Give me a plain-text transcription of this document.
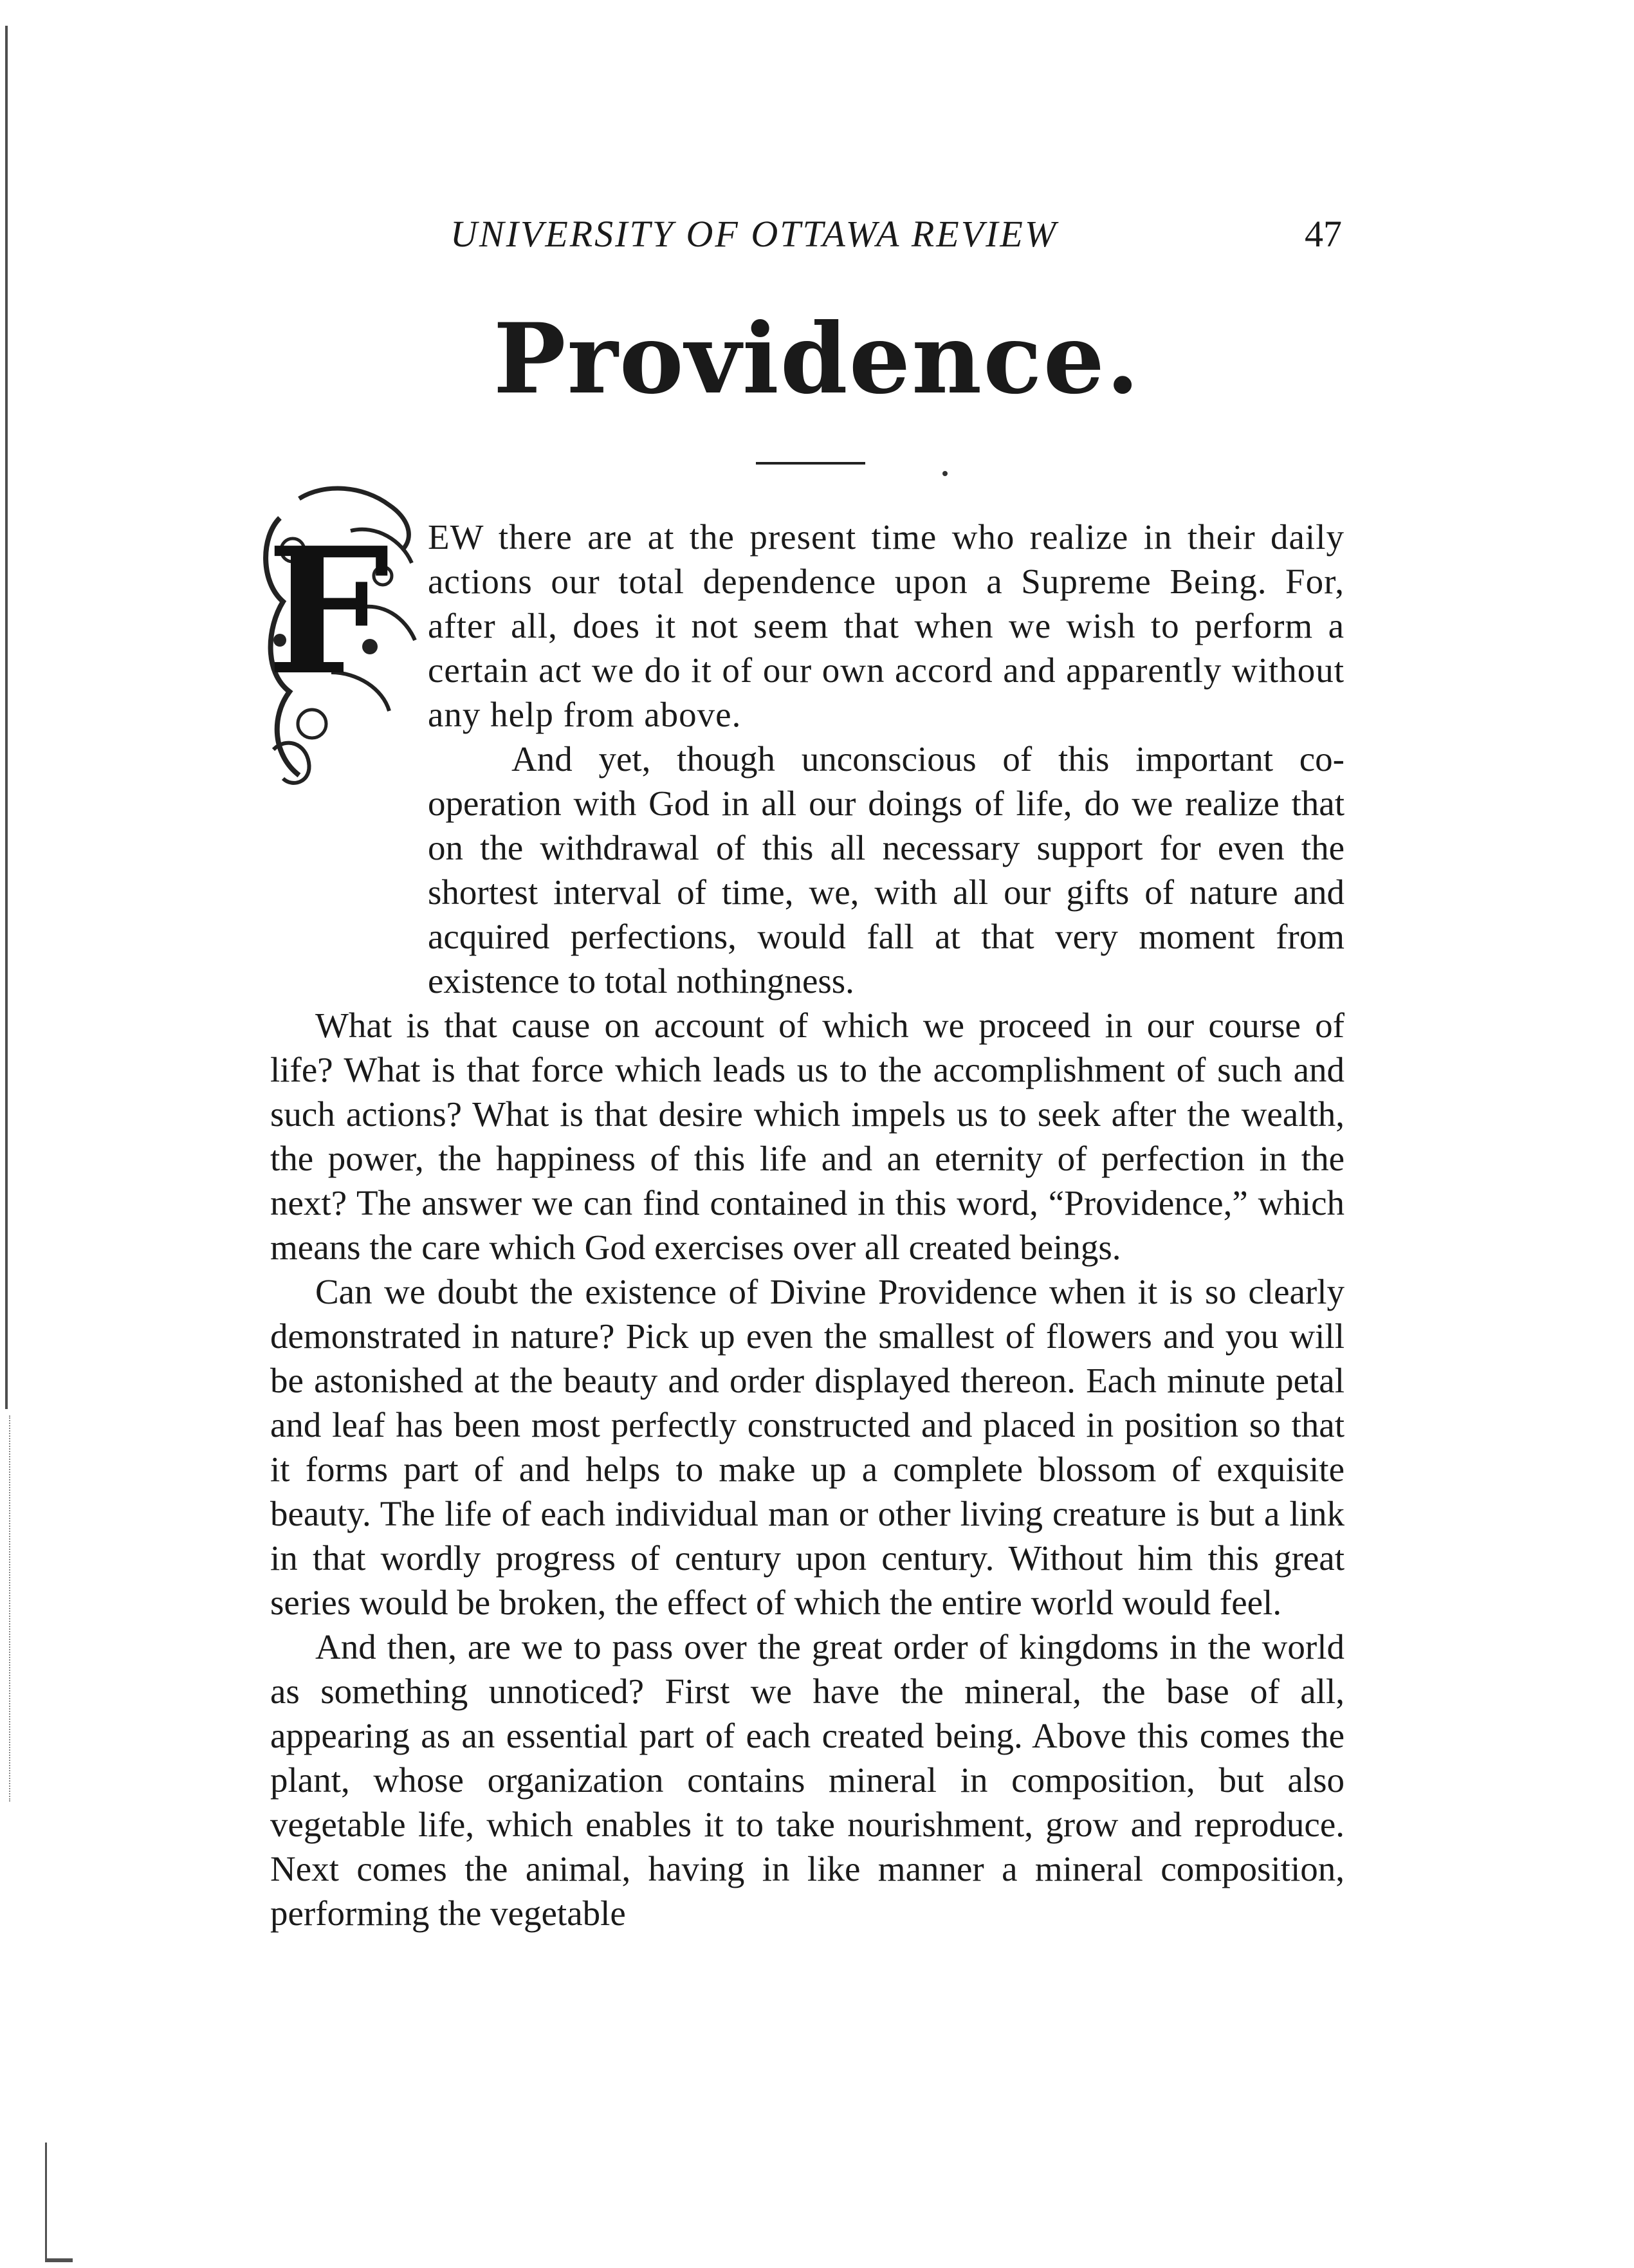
UNIVERSITY OF OTTAWA REVIEW	47
Providence.
F EW there are at the present time who realize in their daily actions our total dependence upon a Supreme Being. For, after all, does it not seem that when we wish to perform a certain act we do it of our own accord and apparently without any help from above.

And yet, though unconscious of this important co-operation with God in all our doings of life, do we realize that on the withdrawal of this all necessary support for even the shortest interval of time, we, with all our gifts of nature and acquired perfections, would fall at that very moment from existence to total nothingness.

What is that cause on account of which we proceed in our course of life? What is that force which leads us to the accomplishment of such and such actions? What is that desire which impels us to seek after the wealth, the power, the happiness of this life and an eternity of perfection in the next? The answer we can find contained in this word, “Providence,” which means the care which God exercises over all created beings.

Can we doubt the existence of Divine Providence when it is so clearly demonstrated in nature? Pick up even the smallest of flowers and you will be astonished at the beauty and order displayed thereon. Each minute petal and leaf has been most perfectly constructed and placed in position so that it forms part of and helps to make up a complete blossom of exquisite beauty. The life of each individual man or other living creature is but a link in that wordly progress of century upon century. Without him this great series would be broken, the effect of which the entire world would feel.

And then, are we to pass over the great order of kingdoms in the world as something unnoticed? First we have the mineral, the base of all, appearing as an essential part of each created being. Above this comes the plant, whose organization contains mineral in composition, but also vegetable life, which enables it to take nourishment, grow and reproduce. Next comes the animal, having in like manner a mineral composition, performing the vegetable
